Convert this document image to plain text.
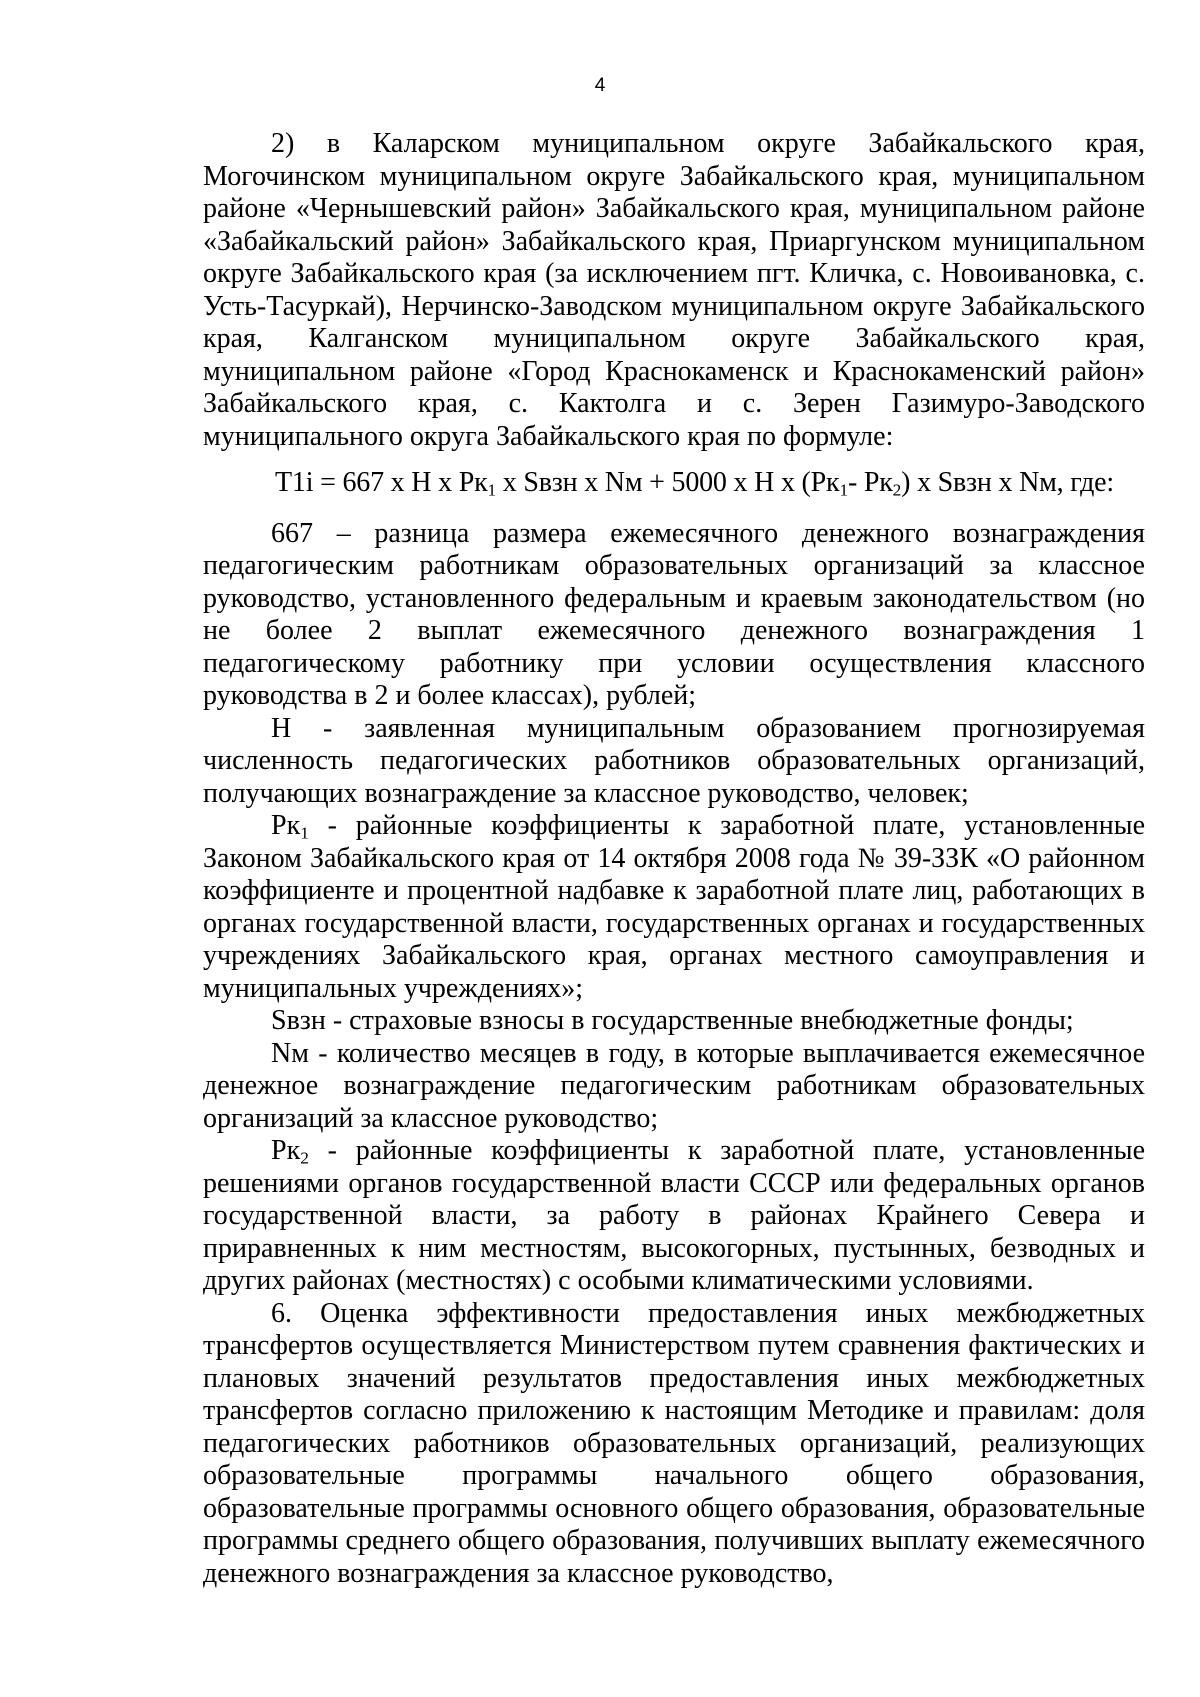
4

2) в Каларском муниципальном округе Забайкальского края, Могочинском муниципальном округе Забайкальского края, муниципальном районе «Чернышевский район» Забайкальского края, муниципальном районе «Забайкальский район» Забайкальского края, Приаргунском муниципальном округе Забайкальского края (за исключением пгт. Кличка, с. Новоивановка, с. Усть-Тасуркай), Нерчинско-Заводском муниципальном округе Забайкальского края, Калганском муниципальном округе Забайкальского края, муниципальном районе «Город Краснокаменск и Краснокаменский район» Забайкальского края, с. Кактолга и с. Зерен Газимуро-Заводского муниципального округа Забайкальского края по формуле:

T1i = 667 x H x $Pк_1$ x Sвзн x Nм + 5000 x H x ($Pк_1-$ $Pк_2$) x Sвзн x Nм, где:

667 – разница размера ежемесячного денежного вознаграждения педагогическим работникам образовательных организаций за классное руководство, установленного федеральным и краевым законодательством (но не более 2 выплат ежемесячного денежного вознаграждения 1 педагогическому работнику при условии осуществления классного руководства в 2 и более классах), рублей;

H - заявленная муниципальным образованием прогнозируемая численность педагогических работников образовательных организаций, получающих вознаграждение за классное руководство, человек;

$Pк_1$ - районные коэффициенты к заработной плате, установленные Законом Забайкальского края от 14 октября 2008 года № 39-ЗЗК «О районном коэффициенте и процентной надбавке к заработной плате лиц, работающих в органах государственной власти, государственных органах и государственных учреждениях Забайкальского края, органах местного самоуправления и муниципальных учреждениях»;

Sвзн - страховые взносы в государственные внебюджетные фонды;

Nм - количество месяцев в году, в которые выплачивается ежемесячное денежное вознаграждение педагогическим работникам образовательных организаций за классное руководство;

$Pк_2$ - районные коэффициенты к заработной плате, установленные решениями органов государственной власти СССР или федеральных органов государственной власти, за работу в районах Крайнего Севера и приравненных к ним местностям, высокогорных, пустынных, безводных и других районах (местностях) с особыми климатическими условиями.

6. Оценка эффективности предоставления иных межбюджетных трансфертов осуществляется Министерством путем сравнения фактических и плановых значений результатов предоставления иных межбюджетных трансфертов согласно приложению к настоящим Методике и правилам: доля педагогических работников образовательных организаций, реализующих образовательные программы начального общего образования, образовательные программы основного общего образования, образовательные программы среднего общего образования, получивших выплату ежемесячного денежного вознаграждения за классное руководство,
